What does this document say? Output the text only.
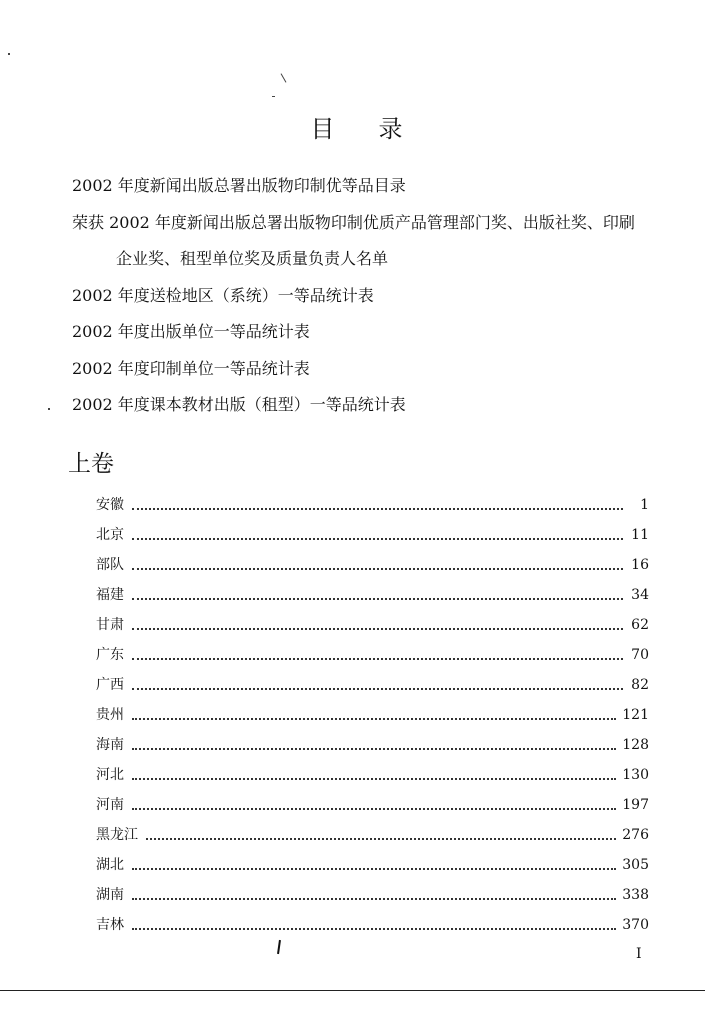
目录
2002 年度新闻出版总署出版物印制优等品目录
荣获 2002 年度新闻出版总署出版物印制优质产品管理部门奖、出版社奖、印刷
企业奖、租型单位奖及质量负责人名单
2002 年度送检地区（系统）一等品统计表
2002 年度出版单位一等品统计表
2002 年度印制单位一等品统计表
2002 年度课本教材出版（租型）一等品统计表
上卷
安徽	1
北京	11
部队	16
福建	34
甘肃	62
广东	70
广西	82
贵州	121
海南	128
河北	130
河南	197
黑龙江	276
湖北	305
湖南	338
吉林	370
I
